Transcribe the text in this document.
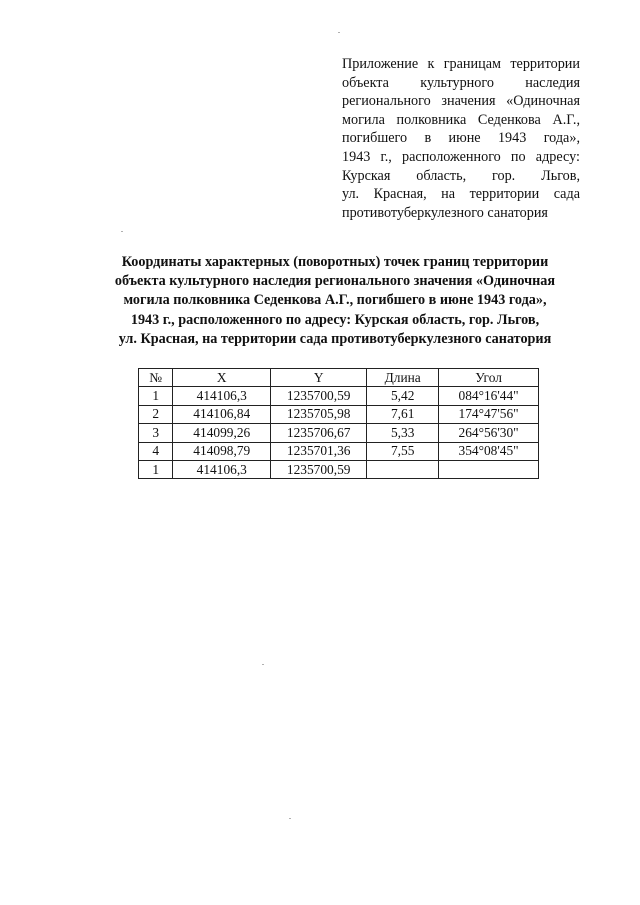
Приложение к границам территории
объекта культурного наследия
регионального значения «Одиночная
могила полковника Седенкова А.Г.,
погибшего в июне 1943 года»,
1943 г., расположенного по адресу:
Курская область, гор. Льгов,
ул. Красная, на территории сада
противотуберкулезного санатория
Координаты характерных (поворотных) точек границ территории
объекта культурного наследия регионального значения «Одиночная
могила полковника Седенкова А.Г., погибшего в июне 1943 года»,
1943 г., расположенного по адресу: Курская область, гор. Льгов,
ул. Красная, на территории сада противотуберкулезного санатория
№	X	Y	Длина	Угол
1	414106,3	1235700,59	5,42	084°16'44"
2	414106,84	1235705,98	7,61	174°47'56"
3	414099,26	1235706,67	5,33	264°56'30"
4	414098,79	1235701,36	7,55	354°08'45"
1	414106,3	1235700,59		
